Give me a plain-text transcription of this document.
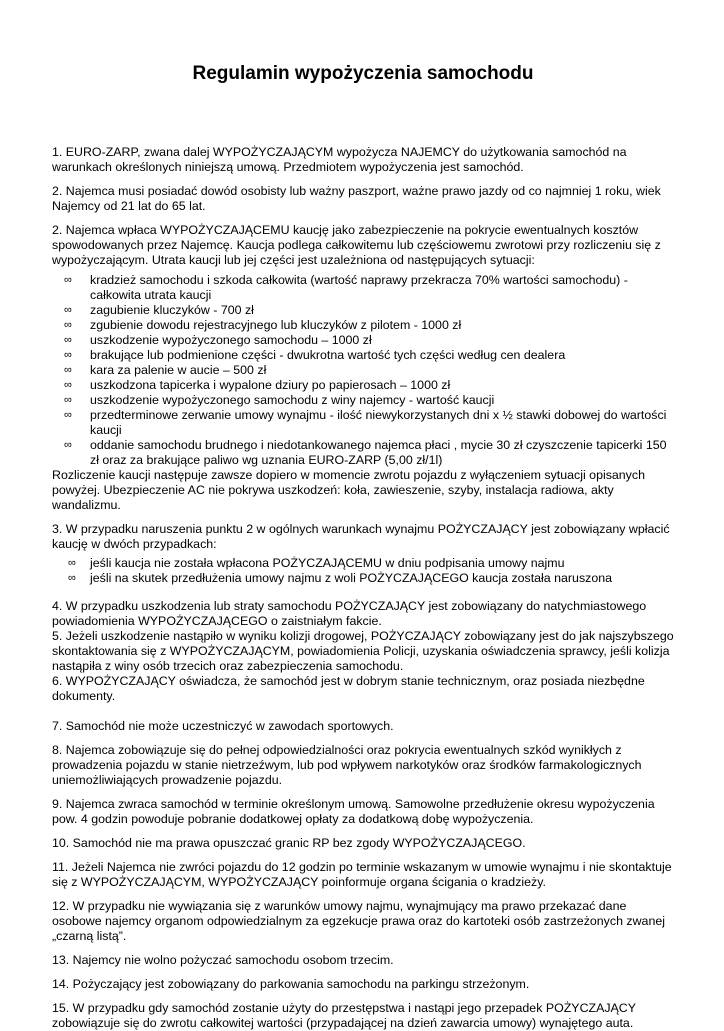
Regulamin wypożyczenia samochodu

1. EURO-ZARP, zwana dalej WYPOŻYCZAJĄCYM wypożycza NAJEMCY do użytkowania samochód na warunkach określonych niniejszą umową. Przedmiotem wypożyczenia jest samochód.

2. Najemca musi posiadać dowód osobisty lub ważny paszport, ważne prawo jazdy od co najmniej 1 roku, wiek Najemcy od 21 lat do 65 lat.

2. Najemca wpłaca WYPOŻYCZAJĄCEMU kaucję jako zabezpieczenie na pokrycie ewentualnych kosztów spowodowanych przez Najemcę. Kaucja podlega całkowitemu lub częściowemu zwrotowi przy rozliczeniu się z wypożyczającym. Utrata kaucji lub jej części jest uzależniona od następujących sytuacji:

∞ kradzież samochodu i szkoda całkowita (wartość naprawy przekracza 70% wartości samochodu) - całkowita utrata kaucji
∞ zagubienie kluczyków - 700 zł
∞ zgubienie dowodu rejestracyjnego lub kluczyków z pilotem - 1000 zł
∞ uszkodzenie wypożyczonego samochodu – 1000 zł
∞ brakujące lub podmienione części - dwukrotna wartość tych części według cen dealera
∞ kara za palenie w aucie – 500 zł
∞ uszkodzona tapicerka i wypalone dziury po papierosach – 1000 zł
∞ uszkodzenie wypożyczonego samochodu z winy najemcy - wartość kaucji
∞ przedterminowe zerwanie umowy wynajmu - ilość niewykorzystanych dni x ½ stawki dobowej do wartości kaucji
∞ oddanie samochodu brudnego i niedotankowanego najemca płaci , mycie 30 zł czyszczenie tapicerki 150 zł oraz za brakujące paliwo wg uznania EURO-ZARP (5,00 zł/1l)

Rozliczenie kaucji następuje zawsze dopiero w momencie zwrotu pojazdu z wyłączeniem sytuacji opisanych powyżej. Ubezpieczenie AC nie pokrywa uszkodzeń: koła, zawieszenie, szyby, instalacja radiowa, akty wandalizmu.

3. W przypadku naruszenia punktu 2 w ogólnych warunkach wynajmu POŻYCZAJĄCY jest zobowiązany wpłacić kaucję w dwóch przypadkach:

∞ jeśli kaucja nie została wpłacona POŻYCZAJĄCEMU w dniu podpisania umowy najmu
∞ jeśli na skutek przedłużenia umowy najmu z woli POŻYCZAJĄCEGO kaucja została naruszona

4. W przypadku uszkodzenia lub straty samochodu POŻYCZAJĄCY jest zobowiązany do natychmiastowego powiadomienia WYPOŻYCZAJĄCEGO o zaistniałym fakcie.

5. Jeżeli uszkodzenie nastąpiło w wyniku kolizji drogowej, POŻYCZAJĄCY zobowiązany jest do jak najszybszego skontaktowania się z WYPOŻYCZAJĄCYM, powiadomienia Policji, uzyskania oświadczenia sprawcy, jeśli kolizja nastąpiła z winy osób trzecich oraz zabezpieczenia samochodu.

6. WYPOŻYCZAJĄCY oświadcza, że samochód jest w dobrym stanie technicznym, oraz posiada niezbędne dokumenty.

7. Samochód nie może uczestniczyć w zawodach sportowych.

8. Najemca zobowiązuje się do pełnej odpowiedzialności oraz pokrycia ewentualnych szkód wynikłych z prowadzenia pojazdu w stanie nietrzeźwym, lub pod wpływem narkotyków oraz środków farmakologicznych uniemożliwiających prowadzenie pojazdu.

9. Najemca zwraca samochód w terminie określonym umową. Samowolne przedłużenie okresu wypożyczenia pow. 4 godzin powoduje pobranie dodatkowej opłaty za dodatkową dobę wypożyczenia.

10. Samochód nie ma prawa opuszczać granic RP bez zgody WYPOŻYCZAJĄCEGO.

11. Jeżeli Najemca nie zwróci pojazdu do 12 godzin po terminie wskazanym w umowie wynajmu i nie skontaktuje się z WYPOŻYCZAJĄCYM, WYPOŻYCZAJĄCY poinformuje organa ścigania o kradzieży.

12. W przypadku nie wywiązania się z warunków umowy najmu, wynajmujący ma prawo przekazać dane osobowe najemcy organom odpowiedzialnym za egzekucje prawa oraz do kartoteki osób zastrzeżonych zwanej „czarną listą”.

13. Najemcy nie wolno pożyczać samochodu osobom trzecim.

14. Pożyczający jest zobowiązany do parkowania samochodu na parkingu strzeżonym.

15. W przypadku gdy samochód zostanie użyty do przestępstwa i nastąpi jego przepadek POŻYCZAJĄCY zobowiązuje się do zwrotu całkowitej wartości (przypadającej na dzień zawarcia umowy) wynajętego auta.
